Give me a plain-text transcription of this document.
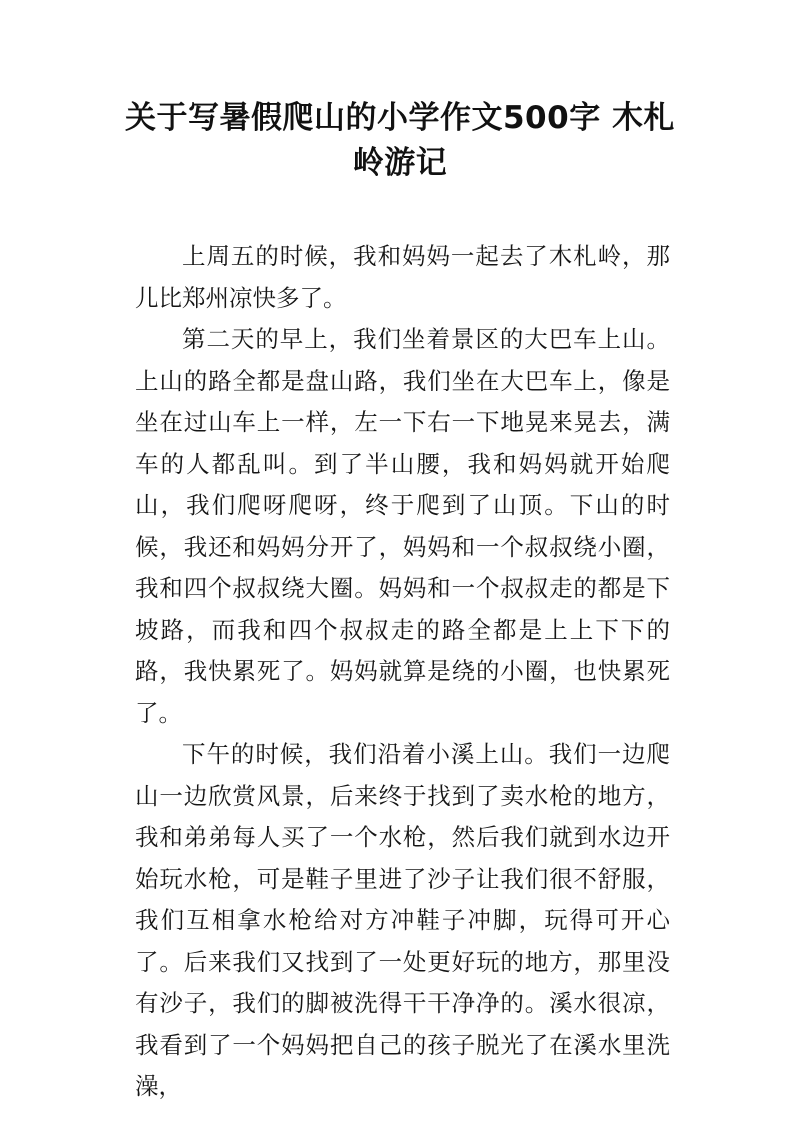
关于写暑假爬山的小学作文500字 木札岭游记

上周五的时候，我和妈妈一起去了木札岭，那儿比郑州凉快多了。

第二天的早上，我们坐着景区的大巴车上山。上山的路全都是盘山路，我们坐在大巴车上，像是坐在过山车上一样，左一下右一下地晃来晃去，满车的人都乱叫。到了半山腰，我和妈妈就开始爬山，我们爬呀爬呀，终于爬到了山顶。下山的时候，我还和妈妈分开了，妈妈和一个叔叔绕小圈，我和四个叔叔绕大圈。妈妈和一个叔叔走的都是下坡路，而我和四个叔叔走的路全都是上上下下的路，我快累死了。妈妈就算是绕的小圈，也快累死了。

下午的时候，我们沿着小溪上山。我们一边爬山一边欣赏风景，后来终于找到了卖水枪的地方，我和弟弟每人买了一个水枪，然后我们就到水边开始玩水枪，可是鞋子里进了沙子让我们很不舒服，我们互相拿水枪给对方冲鞋子冲脚，玩得可开心了。后来我们又找到了一处更好玩的地方，那里没有沙子，我们的脚被洗得干干净净的。溪水很凉，我看到了一个妈妈把自己的孩子脱光了在溪水里洗澡，
